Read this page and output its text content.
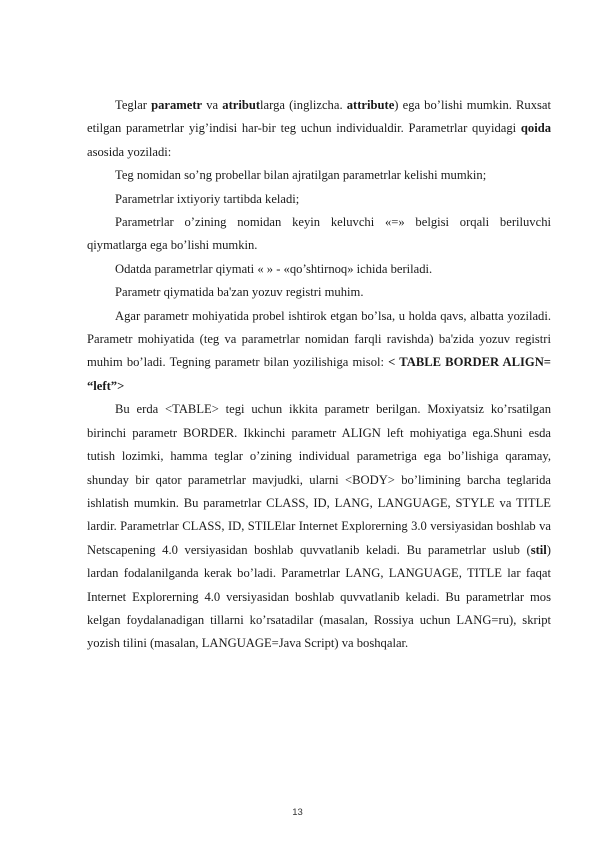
Teglar parametr va atributlarga (inglizcha. attribute) ega bo’lishi mumkin. Ruxsat etilgan parametrlar yig’indisi har-bir teg uchun individualdir. Parametrlar quyidagi qoida asosida yoziladi:

Teg nomidan so’ng probellar bilan ajratilgan parametrlar kelishi mumkin;

Parametrlar ixtiyoriy tartibda keladi;

Parametrlar o’zining nomidan keyin keluvchi «=» belgisi orqali beriluvchi qiymatlarga ega bo’lishi mumkin.

Odatda parametrlar qiymati « » - «qo’shtirnoq» ichida beriladi.

Parametr qiymatida ba'zan yozuv registri muhim.

Agar parametr mohiyatida probel ishtirok etgan bo’lsa, u holda qavs, albatta yoziladi. Parametr mohiyatida (teg va parametrlar nomidan farqli ravishda) ba'zida yozuv registri muhim bo’ladi. Tegning parametr bilan yozilishiga misol: < TABLE BORDER ALIGN= “left”>

Bu erda <TABLE> tegi uchun ikkita parametr berilgan. Moxiyatsiz ko’rsatilgan birinchi parametr BORDER. Ikkinchi parametr ALIGN left mohiyatiga ega.Shuni esda tutish lozimki, hamma teglar o’zining individual parametriga ega bo’lishiga qaramay, shunday bir qator parametrlar mavjudki, ularni <BODY> bo’limining barcha teglarida ishlatish mumkin. Bu parametrlar CLASS, ID, LANG, LANGUAGE, STYLE va TITLE lardir. Parametrlar CLASS, ID, STILElar Internet Explorerning 3.0 versiyasidan boshlab va Netscapening 4.0 versiyasidan boshlab quvvatlanib keladi. Bu parametrlar uslub (stil) lardan fodalanilganda kerak bo’ladi. Parametrlar LANG, LANGUAGE, TITLE lar faqat Internet Explorerning 4.0 versiyasidan boshlab quvvatlanib keladi. Bu parametrlar mos kelgan foydalanadigan tillarni ko’rsatadilar (masalan, Rossiya uchun LANG=ru), skript yozish tilini (masalan, LANGUAGE=Java Script) va boshqalar.

13
